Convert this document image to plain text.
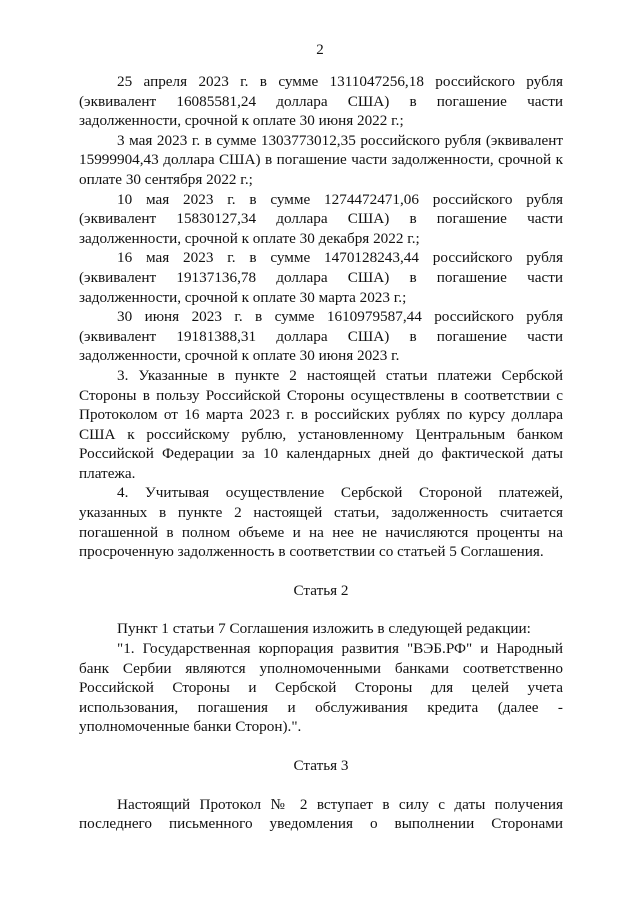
2

25 апреля 2023 г. в сумме 1311047256,18 российского рубля (эквивалент 16085581,24 доллара США) в погашение части задолженности, срочной к оплате 30 июня 2022 г.;

3 мая 2023 г. в сумме 1303773012,35 российского рубля (эквивалент 15999904,43 доллара США) в погашение части задолженности, срочной к оплате 30 сентября 2022 г.;

10 мая 2023 г. в сумме 1274472471,06 российского рубля (эквивалент 15830127,34 доллара США) в погашение части задолженности, срочной к оплате 30 декабря 2022 г.;

16 мая 2023 г. в сумме 1470128243,44 российского рубля (эквивалент 19137136,78 доллара США) в погашение части задолженности, срочной к оплате 30 марта 2023 г.;

30 июня 2023 г. в сумме 1610979587,44 российского рубля (эквивалент 19181388,31 доллара США) в погашение части задолженности, срочной к оплате 30 июня 2023 г.

3. Указанные в пункте 2 настоящей статьи платежи Сербской Стороны в пользу Российской Стороны осуществлены в соответствии с Протоколом от 16 марта 2023 г. в российских рублях по курсу доллара США к российскому рублю, установленному Центральным банком Российской Федерации за 10 календарных дней до фактической даты платежа.

4. Учитывая осуществление Сербской Стороной платежей, указанных в пункте 2 настоящей статьи, задолженность считается погашенной в полном объеме и на нее не начисляются проценты на просроченную задолженность в соответствии со статьей 5 Соглашения.

Статья 2

Пункт 1 статьи 7 Соглашения изложить в следующей редакции:

"1. Государственная корпорация развития "ВЭБ.РФ" и Народный банк Сербии являются уполномоченными банками соответственно Российской Стороны и Сербской Стороны для целей учета использования, погашения и обслуживания кредита (далее - уполномоченные банки Сторон).".

Статья 3

Настоящий Протокол № 2 вступает в силу с даты получения последнего письменного уведомления о выполнении Сторонами
